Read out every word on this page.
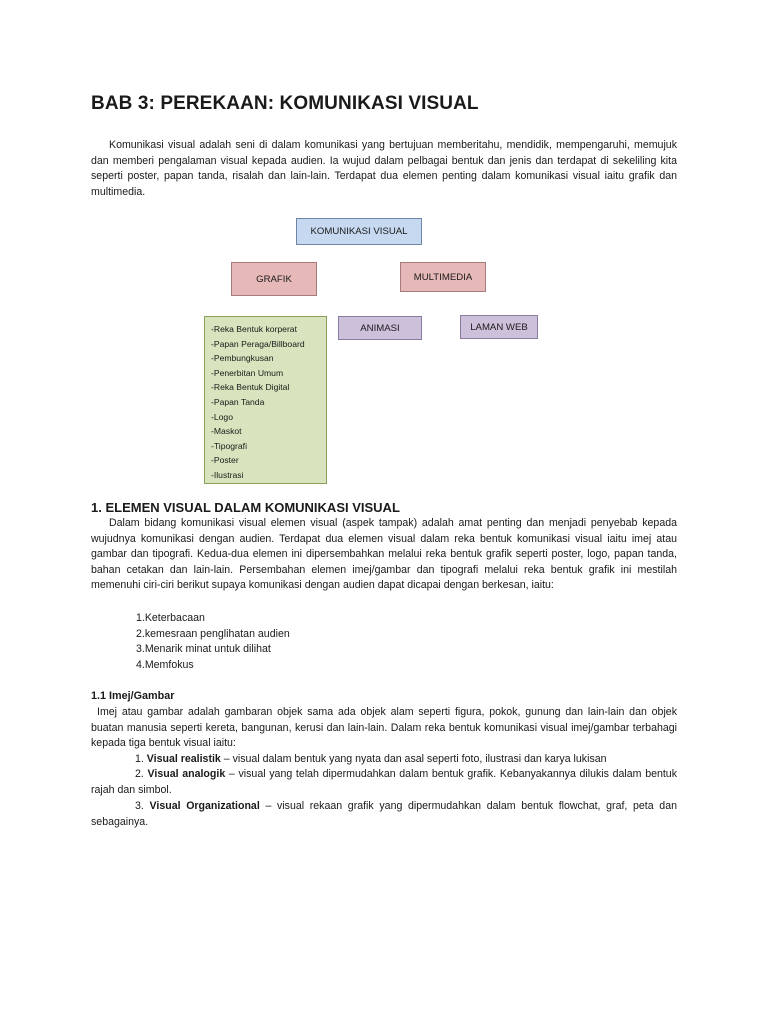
BAB 3: PEREKAAN: KOMUNIKASI VISUAL
Komunikasi visual adalah seni di dalam komunikasi yang bertujuan memberitahu, mendidik, mempengaruhi, memujuk dan memberi pengalaman visual kepada audien. Ia wujud dalam pelbagai bentuk dan jenis dan terdapat di sekeliling kita seperti poster, papan tanda, risalah dan lain-lain. Terdapat dua elemen penting dalam komunikasi visual iaitu grafik dan multimedia.
KOMUNIKASI VISUAL
GRAFIK	MULTIMEDIA
ANIMASI	LAMAN WEB
-Reka Bentuk korperat
-Papan Peraga/Billboard
-Pembungkusan
-Penerbitan Umum
-Reka Bentuk Digital
-Papan Tanda
-Logo
-Maskot
-Tipografi
-Poster
-Ilustrasi
1. ELEMEN VISUAL DALAM KOMUNIKASI VISUAL
Dalam bidang komunikasi visual elemen visual (aspek tampak) adalah amat penting dan menjadi penyebab kepada wujudnya komunikasi dengan audien. Terdapat dua elemen visual dalam reka bentuk komunikasi visual iaitu imej atau gambar dan tipografi. Kedua-dua elemen ini dipersembahkan melalui reka bentuk grafik seperti poster, logo, papan tanda, bahan cetakan dan lain-lain. Persembahan elemen imej/gambar dan tipografi melalui reka bentuk grafik ini mestilah memenuhi ciri-ciri berikut supaya komunikasi dengan audien dapat dicapai dengan berkesan, iaitu:
1.Keterbacaan
2.kemesraan penglihatan audien
3.Menarik minat untuk dilihat
4.Memfokus
1.1 Imej/Gambar
Imej atau gambar adalah gambaran objek sama ada objek alam seperti figura, pokok, gunung dan lain-lain dan objek buatan manusia seperti kereta, bangunan, kerusi dan lain-lain. Dalam reka bentuk komunikasi visual imej/gambar terbahagi kepada tiga bentuk visual iaitu:
1. Visual realistik – visual dalam bentuk yang nyata dan asal seperti foto, ilustrasi dan karya lukisan
2. Visual analogik – visual yang telah dipermudahkan dalam bentuk grafik. Kebanyakannya dilukis dalam bentuk rajah dan simbol.
3. Visual Organizational – visual rekaan grafik yang dipermudahkan dalam bentuk flowchat, graf, peta dan sebagainya.
